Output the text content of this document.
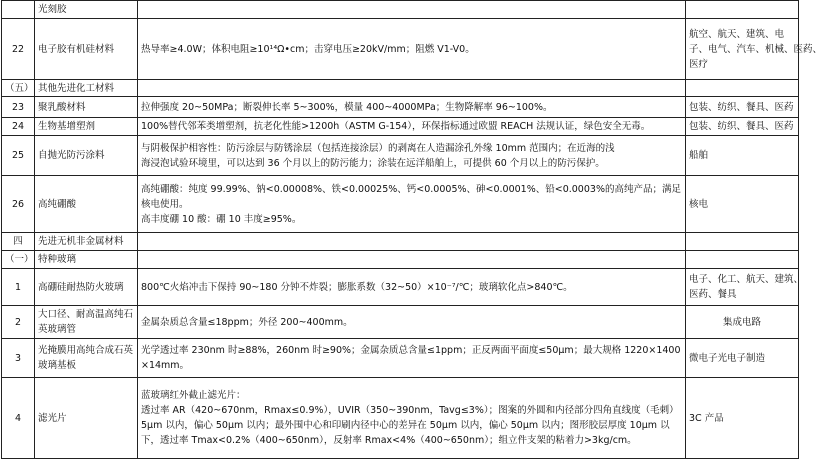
	光刻胶		
22	电子胶有机硅材料	热导率≥4.0W；体积电阻≥10¹⁴Ω•cm；击穿电压≥20kV/mm；阻燃 V1-V0。	航空、航天、建筑、电
子、电气、汽车、机械、医药、
医疗

（五）	其他先进化工材料		
23	聚乳酸材料	拉伸强度 20~50MPa；断裂伸长率 5~300%，模量 400~4000MPa；生物降解率 96~100%。	包装、纺织、餐具、医药

24	生物基增塑剂	100%替代邻苯类增塑剂，抗老化性能>1200h（ASTM G-154），环保指标通过欧盟 REACH 法规认证，绿色安全无毒。	包装、纺织、餐具、医药

25	自抛光防污涂料	与阴极保护相容性：防污涂层与防锈涂层（包括连接涂层）的剥离在人造漏涂孔外缘 10mm 范围内；在近海的浅
海浸泡试验环境里，可以达到 36 个月以上的防污能力；涂装在远洋船舶上，可提供 60 个月以上的防污保护。	船舶

26	高纯硼酸	高纯硼酸：纯度 99.99%、钠<0.00008%、铁<0.00025%、钙<0.0005%、砷<0.0001%、铅<0.0003%的高纯产品；满足
核电使用。
高丰度硼 10 酸：硼 10 丰度≥95%。	核电

四	先进无机非金属材料		
（一）	特种玻璃		
1	高硼硅耐热防火玻璃	800℃火焰冲击下保持 90~180 分钟不炸裂；膨胀系数（32~50）×10⁻⁷/℃；玻璃软化点>840℃。	电子、化工、航天、建筑、
医药、餐具

2	大口径、耐高温高纯石英玻璃管	金属杂质总含量≤18ppm；外径 200~400mm。	集成电路

3	光掩膜用高纯合成石英玻璃基板	光学透过率 230nm 时≥88%，260nm 时≥90%；金属杂质总含量≤1ppm；正反两面平面度≤50μm；最大规格 1220×1400
×14mm。	微电子光电子制造

4	滤光片	蓝玻璃红外截止滤光片：
透过率 AR（420~670nm，Rmax≤0.9%），UVIR（350~390nm，Tavg≤3%）；图案的外圆和内径部分四角直线度（毛刺）
5μm 以内，偏心 50μm 以内；最外围中心和印刷内径中心的差异在 50μm 以内，偏心 50μm 以内；图形胶层厚度 10μm 以
下，透过率 Tmax<0.2%（400~650nm），反射率 Rmax<4%（400~650nm）；组立件支架的粘着力>3kg/cm。	3C 产品
